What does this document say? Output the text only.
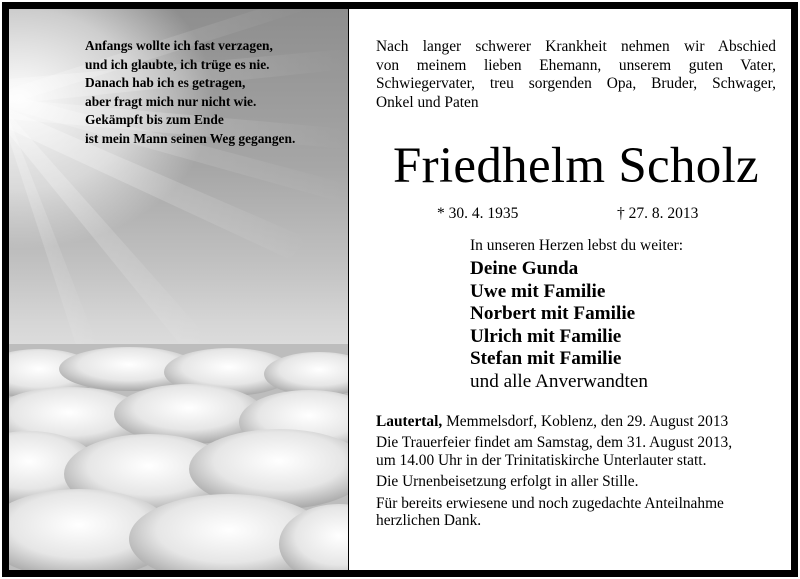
Anfangs wollte ich fast verzagen,
und ich glaubte, ich trüge es nie.
Danach hab ich es getragen,
aber fragt mich nur nicht wie.
Gekämpft bis zum Ende
ist mein Mann seinen Weg gegangen.
Nach langer schwerer Krankheit nehmen wir Abschied
von meinem lieben Ehemann, unserem guten Vater,
Schwiegervater, treu sorgenden Opa, Bruder, Schwager,
Onkel und Paten
Friedhelm Scholz
* 30. 4. 1935	† 27. 8. 2013
In unseren Herzen lebst du weiter:
Deine Gunda
Uwe mit Familie
Norbert mit Familie
Ulrich mit Familie
Stefan mit Familie
und alle Anverwandten
Lautertal, Memmelsdorf, Koblenz, den 29. August 2013
Die Trauerfeier findet am Samstag, dem 31. August 2013,
um 14.00 Uhr in der Trinitatiskirche Unterlauter statt.
Die Urnenbeisetzung erfolgt in aller Stille.
Für bereits erwiesene und noch zugedachte Anteilnahme
herzlichen Dank.
